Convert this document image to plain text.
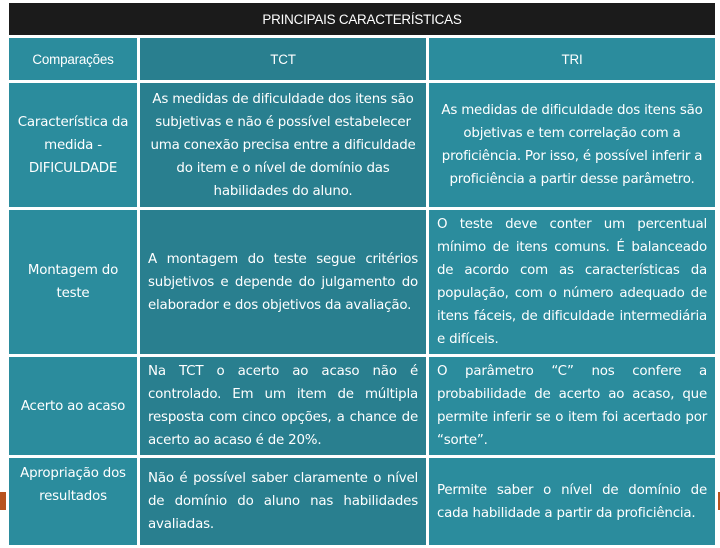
PRINCIPAIS CARACTERÍSTICAS		
Comparações	TCT	TRI
Característica da medida - DIFICULDADE	As medidas de dificuldade dos itens são subjetivas e não é possível estabelecer uma conexão precisa entre a dificuldade do item e o nível de domínio das habilidades do aluno.	As medidas de dificuldade dos itens são objetivas e tem correlação com a proficiência. Por isso, é possível inferir a proficiência a partir desse parâmetro.
Montagem do teste	A montagem do teste segue critérios subjetivos e depende do julgamento do elaborador e dos objetivos da avaliação.	O teste deve conter um percentual mínimo de itens comuns. É balanceado de acordo com as características da população, com o número adequado de itens fáceis, de dificuldade intermediária e difíceis.
Acerto ao acaso	Na TCT o acerto ao acaso não é controlado. Em um item de múltipla resposta com cinco opções, a chance de acerto ao acaso é de 20%.	O parâmetro “C” nos confere a probabilidade de acerto ao acaso, que permite inferir se o item foi acertado por “sorte”.
Apropriação dos resultados	Não é possível saber claramente o nível de domínio do aluno nas habilidades avaliadas.	Permite saber o nível de domínio de cada habilidade a partir da proficiência.
